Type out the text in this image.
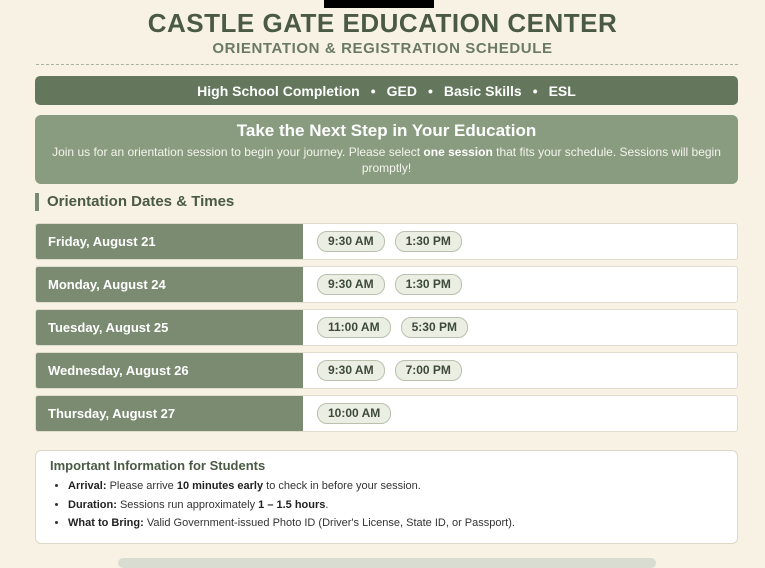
CASTLE GATE EDUCATION CENTER
ORIENTATION & REGISTRATION SCHEDULE
High School Completion • GED • Basic Skills • ESL
Take the Next Step in Your Education
Join us for an orientation session to begin your journey. Please select one session that fits your schedule. Sessions will begin promptly!
Orientation Dates & Times
Friday, August 21	9:30 AM	1:30 PM
Monday, August 24	9:30 AM	1:30 PM
Tuesday, August 25	11:00 AM	5:30 PM
Wednesday, August 26	9:30 AM	7:00 PM
Thursday, August 27	10:00 AM
Important Information for Students
• Arrival: Please arrive 10 minutes early to check in before your session.
• Duration: Sessions run approximately 1 – 1.5 hours.
• What to Bring: Valid Government-issued Photo ID (Driver's License, State ID, or Passport).
